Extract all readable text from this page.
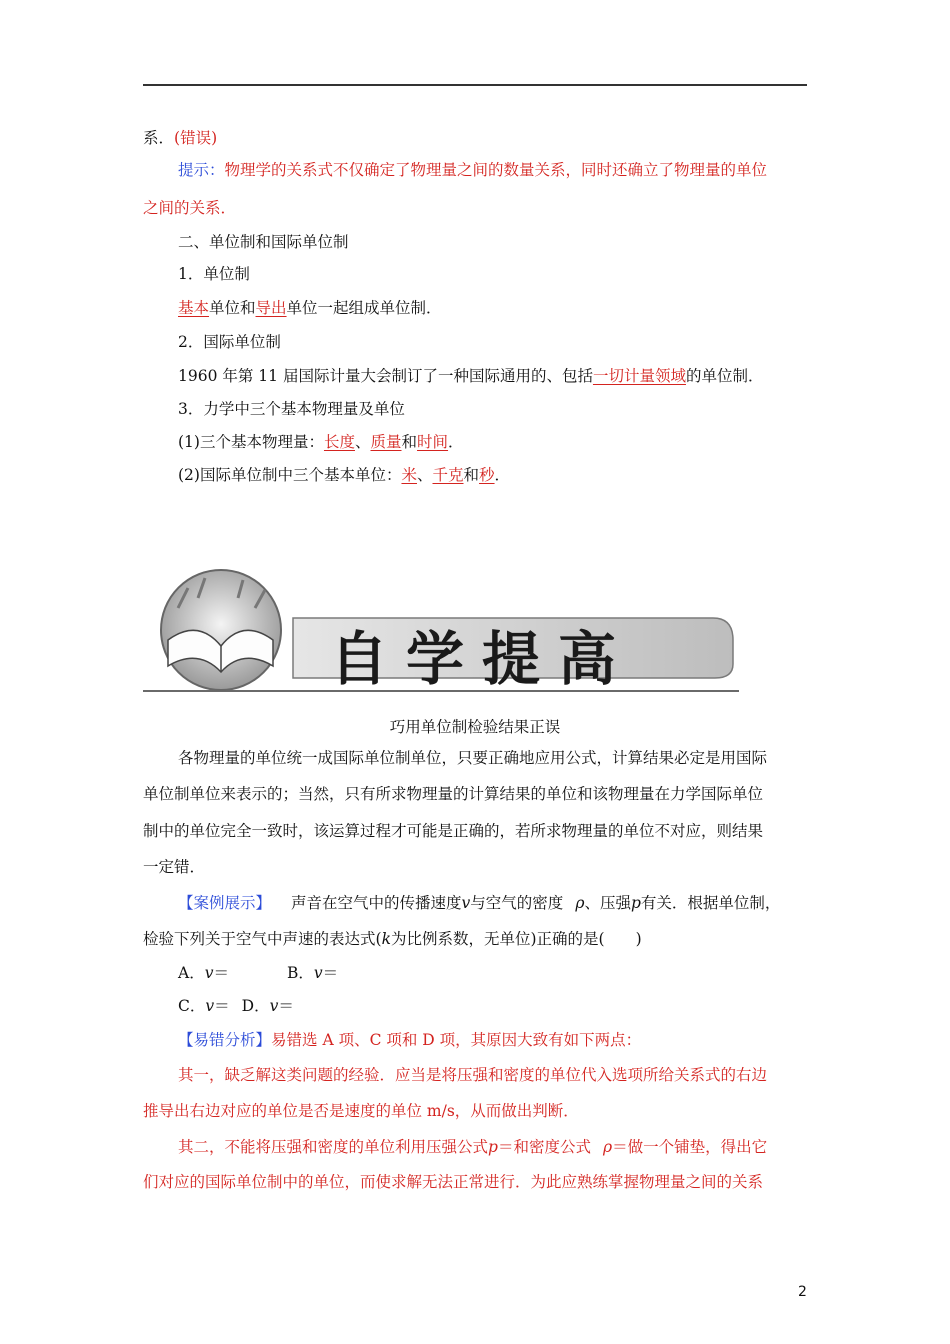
系．(错误)
提示：物理学的关系式不仅确定了物理量之间的数量关系，同时还确立了物理量的单位
之间的关系．
二、单位制和国际单位制
1．单位制
基本单位和导出单位一起组成单位制．
2．国际单位制
1960 年第 11 届国际计量大会制订了一种国际通用的、包括一切计量领域的单位制．
3．力学中三个基本物理量及单位
(1)三个基本物理量：长度、质量和时间．
(2)国际单位制中三个基本单位：米、千克和秒．
自学提高
巧用单位制检验结果正误
各物理量的单位统一成国际单位制单位，只要正确地应用公式，计算结果必定是用国际
单位制单位来表示的；当然，只有所求物理量的计算结果的单位和该物理量在力学国际单位
制中的单位完全一致时，该运算过程才可能是正确的，若所求物理量的单位不对应，则结果
一定错．
【案例展示】 声音在空气中的传播速度v与空气的密度 ρ、压强p有关．根据单位制，
检验下列关于空气中声速的表达式(k为比例系数，无单位)正确的是(　　)
A．v＝	B．v＝
C．v＝ D．v＝
【易错分析】易错选 A 项、C 项和 D 项，其原因大致有如下两点：
其一，缺乏解这类问题的经验．应当是将压强和密度的单位代入选项所给关系式的右边
推导出右边对应的单位是否是速度的单位 m/s，从而做出判断．
其二，不能将压强和密度的单位利用压强公式p＝和密度公式 ρ＝做一个铺垫，得出它
们对应的国际单位制中的单位，而使求解无法正常进行．为此应熟练掌握物理量之间的关系
2
